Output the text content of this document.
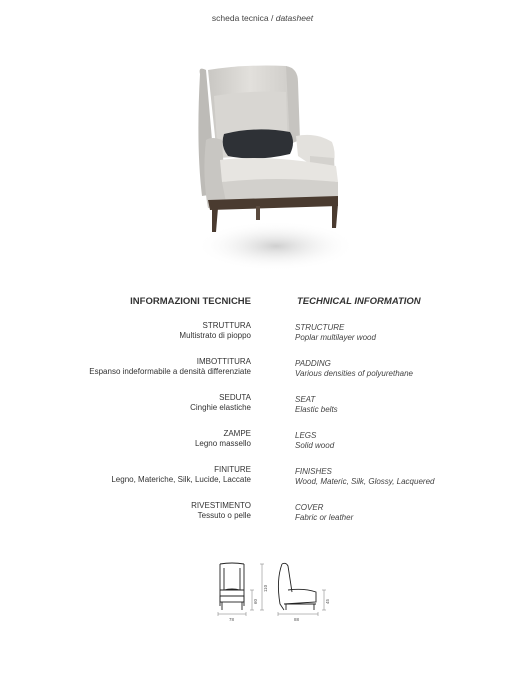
scheda tecnica / datasheet
INFORMAZIONI TECNICHE	TECHNICAL INFORMATION
STRUTTURA
Multistrato di pioppo
IMBOTTITURA
Espanso indeformabile a densità differenziate
SEDUTA
Cinghie elastiche
ZAMPE
Legno massello
FINITURE
Legno, Materiche, Silk, Lucide, Laccate
RIVESTIMENTO
Tessuto o pelle
STRUCTURE
Poplar multilayer wood
PADDING
Various densities of polyurethane
SEAT
Elastic belts
LEGS
Solid wood
FINISHES
Wood, Materic, Silk, Glossy, Lacquered
COVER
Fabric or leather
78	88
60
110
45
